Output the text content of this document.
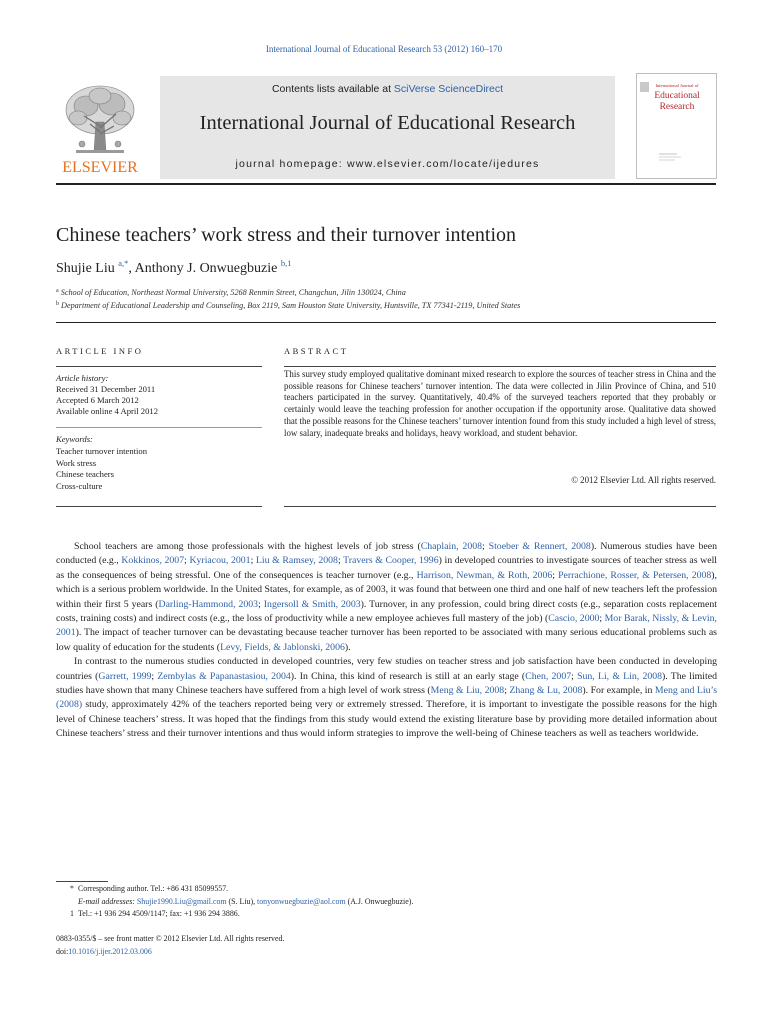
International Journal of Educational Research 53 (2012) 160–170
ELSEVIER
Contents lists available at SciVerse ScienceDirect
International Journal of Educational Research
journal homepage: www.elsevier.com/locate/ijedures
International Journal of
Educational
Research
Chinese teachers’ work stress and their turnover intention
Shujie Liu $^{a,*}$, Anthony J. Onwuegbuzie $^{b,1}$
$^a$ School of Education, Northeast Normal University, 5268 Renmin Street, Changchun, Jilin 130024, China
$^b$ Department of Educational Leadership and Counseling, Box 2119, Sam Houston State University, Huntsville, TX 77341-2119, United States
ARTICLE INFO	ABSTRACT
Article history:
Received 31 December 2011
Accepted 6 March 2012
Available online 4 April 2012
Keywords:
Teacher turnover intention
Work stress
Chinese teachers
Cross-culture

This survey study employed qualitative dominant mixed research to explore the sources of teacher stress in China and the possible reasons for Chinese teachers’ turnover intention. The data were collected in Jilin Province of China, and 510 teachers participated in the survey. Quantitatively, 40.4% of the surveyed teachers reported that they probably or certainly would leave the teaching profession for another occupation if the opportunity arose. Qualitative data showed that the possible reasons for the Chinese teachers’ turnover intention found from this study included a high level of stress, low salary, inadequate breaks and holidays, heavy workload, and student behavior.

© 2012 Elsevier Ltd. All rights reserved.

School teachers are among those professionals with the highest levels of job stress (Chaplain, 2008; Stoeber & Rennert, 2008). Numerous studies have been conducted (e.g., Kokkinos, 2007; Kyriacou, 2001; Liu & Ramsey, 2008; Travers & Cooper, 1996) in developed countries to investigate sources of teacher stress as well as the consequences of being stressful. One of the consequences is teacher turnover (e.g., Harrison, Newman, & Roth, 2006; Perrachione, Rosser, & Petersen, 2008), which is a serious problem worldwide. In the United States, for example, as of 2003, it was found that between one third and one half of new teachers left the profession within their first 5 years (Darling-Hammond, 2003; Ingersoll & Smith, 2003). Turnover, in any profession, could bring direct costs (e.g., separation costs replacement costs, training costs) and indirect costs (e.g., the loss of productivity while a new employee achieves full mastery of the job) (Cascio, 2000; Mor Barak, Nissly, & Levin, 2001). The impact of teacher turnover can be devastating because teacher turnover has been reported to be associated with many serious educational problems such as low quality of education for the students (Levy, Fields, & Jablonski, 2006).

In contrast to the numerous studies conducted in developed countries, very few studies on teacher stress and job satisfaction have been conducted in developing countries (Garrett, 1999; Zembylas & Papanastasiou, 2004). In China, this kind of research is still at an early stage (Chen, 2007; Sun, Li, & Lin, 2008). The limited studies have shown that many Chinese teachers have suffered from a high level of work stress (Meng & Liu, 2008; Zhang & Lu, 2008). For example, in Meng and Liu’s (2008) study, approximately 42% of the teachers reported being very or extremely stressed. Therefore, it is important to investigate the possible reasons for the high level of Chinese teachers’ stress. It was hoped that the findings from this study would extend the existing literature base by providing more detailed information about Chinese teachers’ stress and their turnover intentions and thus would inform strategies to improve the well-being of Chinese teachers as well as teachers worldwide.

* Corresponding author. Tel.: +86 431 85099557.
E-mail addresses: Shujie1990.Liu@gmail.com (S. Liu), tonyonwuegbuzie@aol.com (A.J. Onwuegbuzie).
1 Tel.: +1 936 294 4509/1147; fax: +1 936 294 3886.
0883-0355/$ – see front matter © 2012 Elsevier Ltd. All rights reserved.
doi:10.1016/j.ijer.2012.03.006
